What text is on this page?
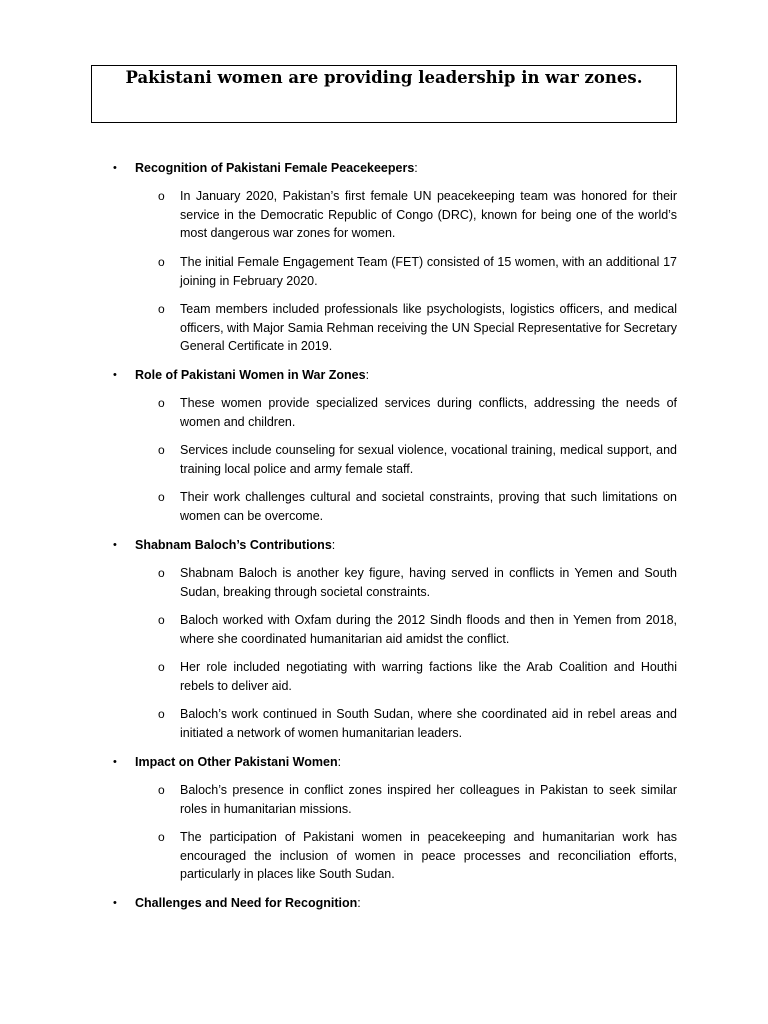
Pakistani women are providing leadership in war zones.
• Recognition of Pakistani Female Peacekeepers:
o In January 2020, Pakistan’s first female UN peacekeeping team was honored for their service in the Democratic Republic of Congo (DRC), known for being one of the world’s most dangerous war zones for women.
o The initial Female Engagement Team (FET) consisted of 15 women, with an additional 17 joining in February 2020.
o Team members included professionals like psychologists, logistics officers, and medical officers, with Major Samia Rehman receiving the UN Special Representative for Secretary General Certificate in 2019.
• Role of Pakistani Women in War Zones:
o These women provide specialized services during conflicts, addressing the needs of women and children.
o Services include counseling for sexual violence, vocational training, medical support, and training local police and army female staff.
o Their work challenges cultural and societal constraints, proving that such limitations on women can be overcome.
• Shabnam Baloch’s Contributions:
o Shabnam Baloch is another key figure, having served in conflicts in Yemen and South Sudan, breaking through societal constraints.
o Baloch worked with Oxfam during the 2012 Sindh floods and then in Yemen from 2018, where she coordinated humanitarian aid amidst the conflict.
o Her role included negotiating with warring factions like the Arab Coalition and Houthi rebels to deliver aid.
o Baloch’s work continued in South Sudan, where she coordinated aid in rebel areas and initiated a network of women humanitarian leaders.
• Impact on Other Pakistani Women:
o Baloch’s presence in conflict zones inspired her colleagues in Pakistan to seek similar roles in humanitarian missions.
o The participation of Pakistani women in peacekeeping and humanitarian work has encouraged the inclusion of women in peace processes and reconciliation efforts, particularly in places like South Sudan.
• Challenges and Need for Recognition:
